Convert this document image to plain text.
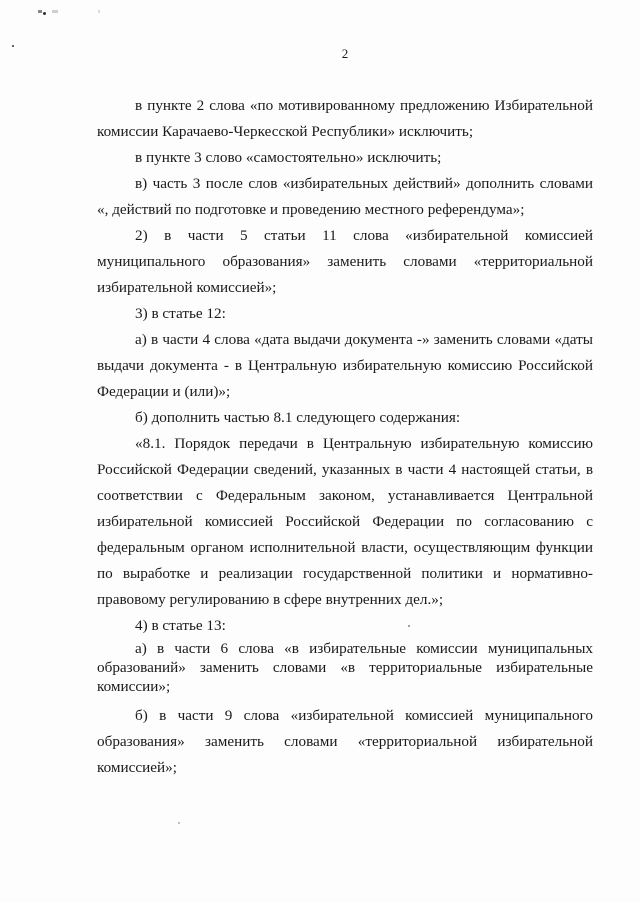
2

в пункте 2 слова «по мотивированному предложению Избирательной комиссии Карачаево-Черкесской Республики» исключить;

в пункте 3 слово «самостоятельно» исключить;

в) часть 3 после слов «избирательных действий» дополнить словами «, действий по подготовке и проведению местного референдума»;

2) в части 5 статьи 11 слова «избирательной комиссией муниципального образования» заменить словами «территориальной избирательной комиссией»;

3) в статье 12:

а) в части 4 слова «дата выдачи документа -» заменить словами «даты выдачи документа - в Центральную избирательную комиссию Российской Федерации и (или)»;

б) дополнить частью 8.1 следующего содержания:

«8.1. Порядок передачи в Центральную избирательную комиссию Российской Федерации сведений, указанных в части 4 настоящей статьи, в соответствии с Федеральным законом, устанавливается Центральной избирательной комиссией Российской Федерации по согласованию с федеральным органом исполнительной власти, осуществляющим функции по выработке и реализации государственной политики и нормативно-правовому регулированию в сфере внутренних дел.»;

4) в статье 13:

а) в части 6 слова «в избирательные комиссии муниципальных образований» заменить словами «в территориальные избирательные комиссии»;

б) в части 9 слова «избирательной комиссией муниципального образования» заменить словами «территориальной избирательной комиссией»;
